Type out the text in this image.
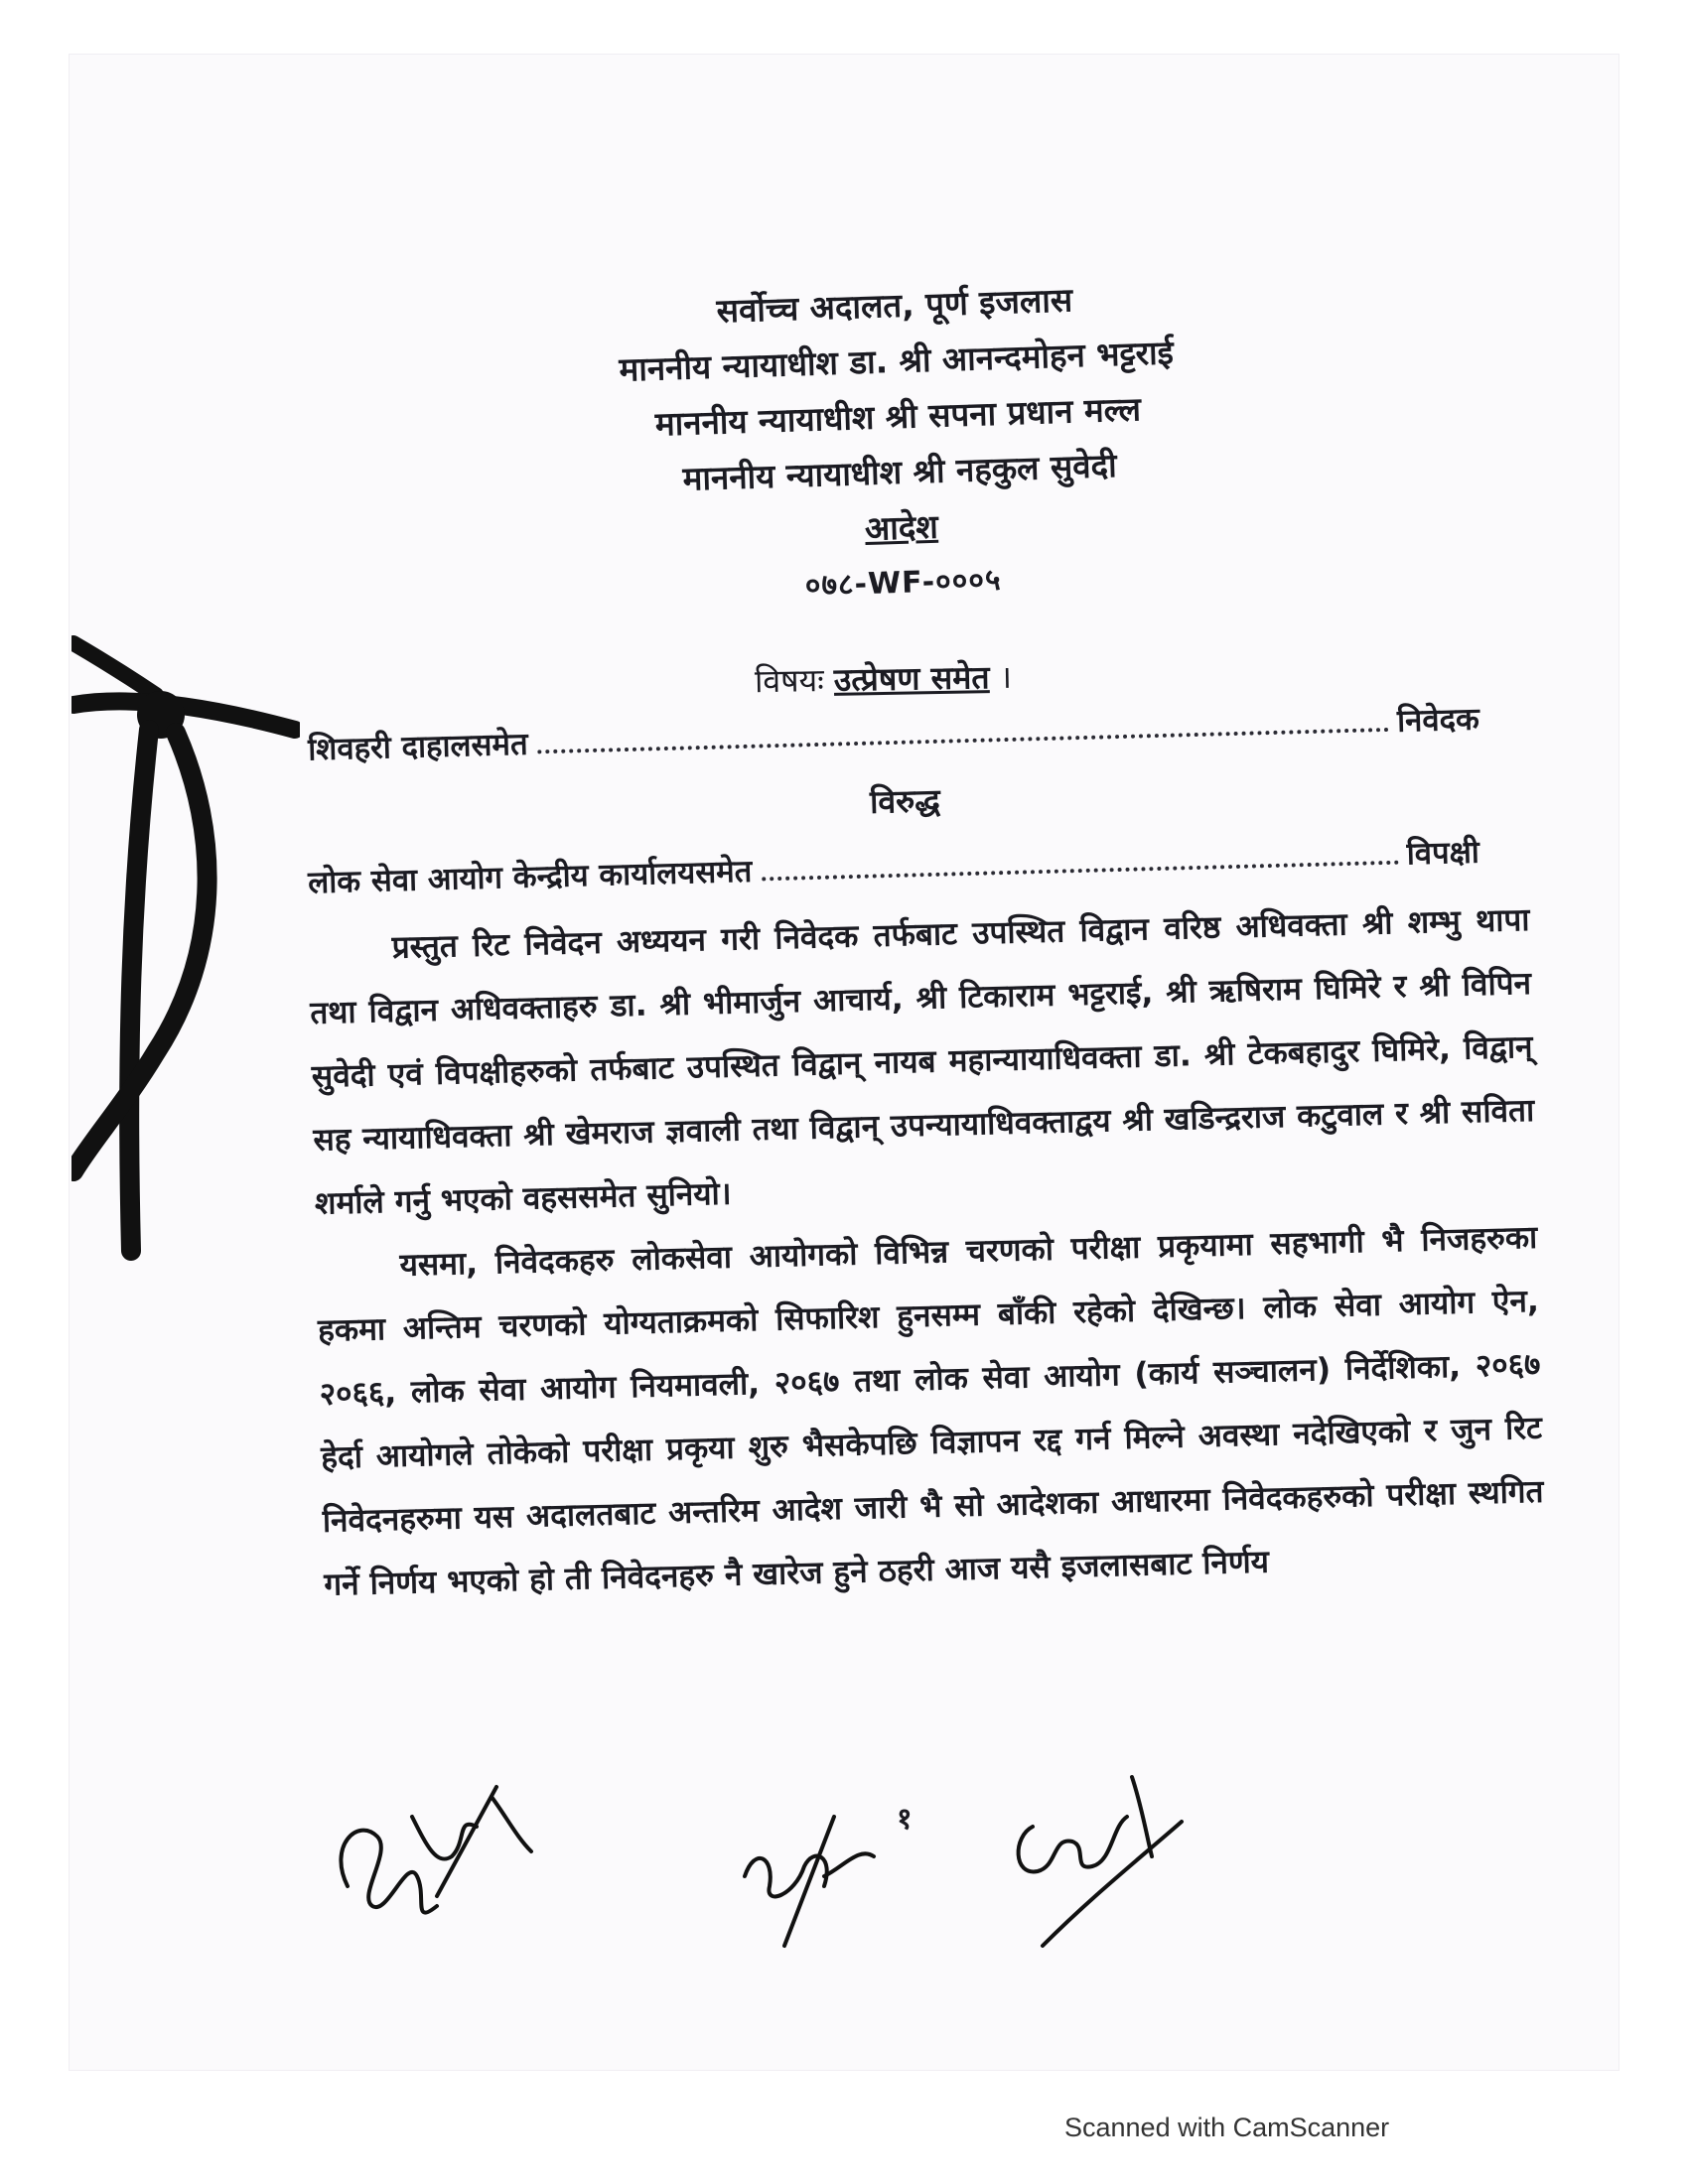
सर्वोच्च अदालत, पूर्ण इजलास
माननीय न्यायाधीश डा. श्री आनन्दमोहन भट्टराई
माननीय न्यायाधीश श्री सपना प्रधान मल्ल
माननीय न्यायाधीश श्री नहकुल सुवेदी
आदेश
०७८-WF-०००५
विषयः उत्प्रेषण समेत ।
शिवहरी दाहालसमेत
निवेदक
विरुद्ध
लोक सेवा आयोग केन्द्रीय कार्यालयसमेत
विपक्षी

प्रस्तुत रिट निवेदन अध्ययन गरी निवेदक तर्फबाट उपस्थित विद्वान वरिष्ठ अधिवक्ता श्री शम्भु थापा तथा विद्वान अधिवक्ताहरु डा. श्री भीमार्जुन आचार्य, श्री टिकाराम भट्टराई, श्री ऋषिराम घिमिरे र श्री विपिन सुवेदी एवं विपक्षीहरुको तर्फबाट उपस्थित विद्वान् नायब महान्यायाधिवक्ता डा. श्री टेकबहादुर घिमिरे, विद्वान् सह न्यायाधिवक्ता श्री खेमराज ज्ञवाली तथा विद्वान् उपन्यायाधिवक्ताद्वय श्री खडिन्द्रराज कटुवाल र श्री सविता शर्माले गर्नु भएको वहससमेत सुनियो।

यसमा, निवेदकहरु लोकसेवा आयोगको विभिन्न चरणको परीक्षा प्रकृयामा सहभागी भै निजहरुका हकमा अन्तिम चरणको योग्यताक्रमको सिफारिश हुनसम्म बाँकी रहेको देखिन्छ। लोक सेवा आयोग ऐन, २०६६, लोक सेवा आयोग नियमावली, २०६७ तथा लोक सेवा आयोग (कार्य सञ्चालन) निर्देशिका, २०६७ हेर्दा आयोगले तोकेको परीक्षा प्रकृया शुरु भैसकेपछि विज्ञापन रद्द गर्न मिल्ने अवस्था नदेखिएको र जुन रिट निवेदनहरुमा यस अदालतबाट अन्तरिम आदेश जारी भै सो आदेशका आधारमा निवेदकहरुको परीक्षा स्थगित गर्ने निर्णय भएको हो ती निवेदनहरु नै खारेज हुने ठहरी आज यसै इजलासबाट निर्णय

१
Scanned with CamScanner
